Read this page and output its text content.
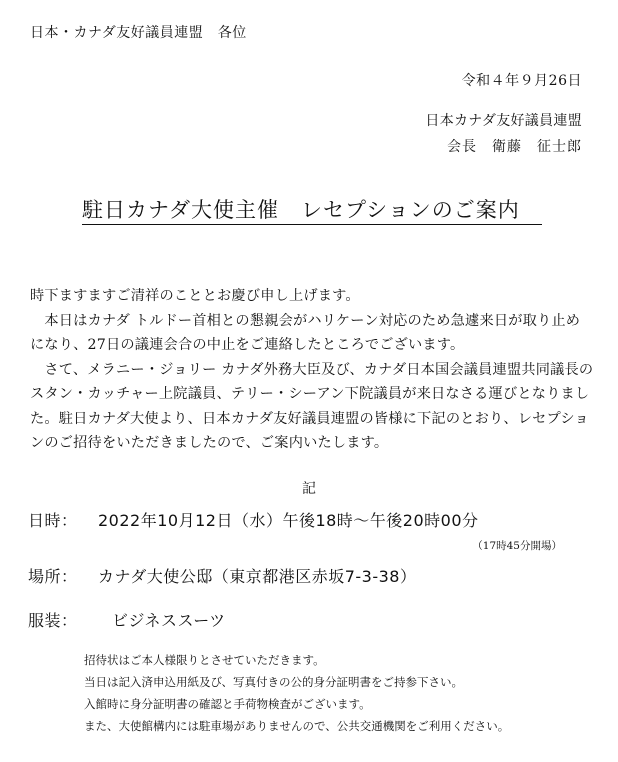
日本・カナダ友好議員連盟　各位
令和４年９月26日
日本カナダ友好議員連盟
会長　衛藤　征士郎
駐日カナダ大使主催　レセプションのご案内

時下ますますご清祥のこととお慶び申し上げます。

　本日はカナダ トルドー首相との懇親会がハリケーン対応のため急遽来日が取り止めになり、27日の議連会合の中止をご連絡したところでございます。

　さて、メラニー・ジョリー カナダ外務大臣及び、カナダ日本国会議員連盟共同議長のスタン・カッチャー上院議員、テリー・シーアン下院議員が来日なさる運びとなりました。駐日カナダ大使より、日本カナダ友好議員連盟の皆様に下記のとおり、レセプションのご招待をいただきましたので、ご案内いたします。

記
日時： 2022年10月12日（水）午後18時〜午後20時00分
（17時45分開場）
場所： カナダ大使公邸（東京都港区赤坂7-3-38）
服装： ビジネススーツ
招待状はご本人様限りとさせていただきます。
当日は記入済申込用紙及び、写真付きの公的身分証明書をご持参下さい。
入館時に身分証明書の確認と手荷物検査がございます。
また、大使館構内には駐車場がありませんので、公共交通機関をご利用ください。
